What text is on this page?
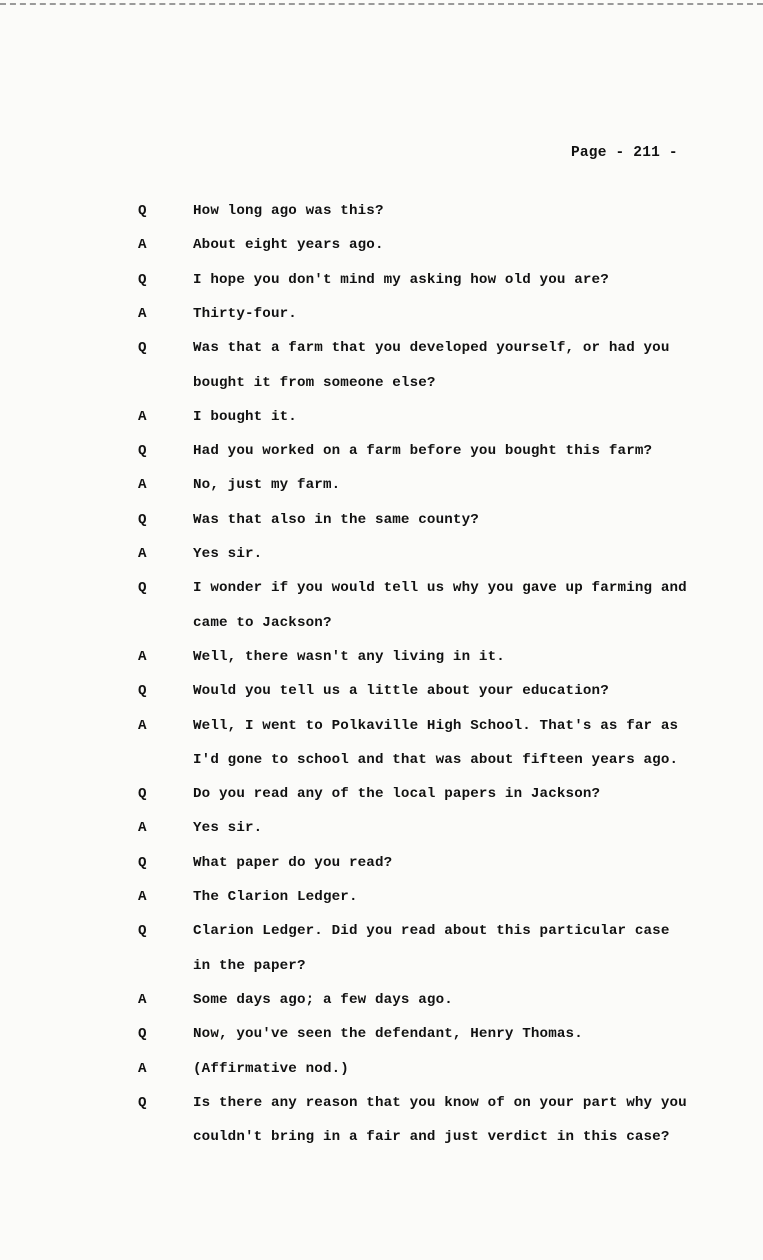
Page - 211 -
Q	How long ago was this?
A	About eight years ago.
Q	I hope you don't mind my asking how old you are?
A	Thirty-four.
Q	Was that a farm that you developed yourself, or had you
bought it from someone else?
A	I bought it.
Q	Had you worked on a farm before you bought this farm?
A	No, just my farm.
Q	Was that also in the same county?
A	Yes sir.
Q	I wonder if you would tell us why you gave up farming and
came to Jackson?
A	Well, there wasn't any living in it.
Q	Would you tell us a little about your education?
A	Well, I went to Polkaville High School. That's as far as
I'd gone to school and that was about fifteen years ago.
Q	Do you read any of the local papers in Jackson?
A	Yes sir.
Q	What paper do you read?
A	The Clarion Ledger.
Q	Clarion Ledger. Did you read about this particular case
in the paper?
A	Some days ago; a few days ago.
Q	Now, you've seen the defendant, Henry Thomas.
A	(Affirmative nod.)
Q	Is there any reason that you know of on your part why you
couldn't bring in a fair and just verdict in this case?
